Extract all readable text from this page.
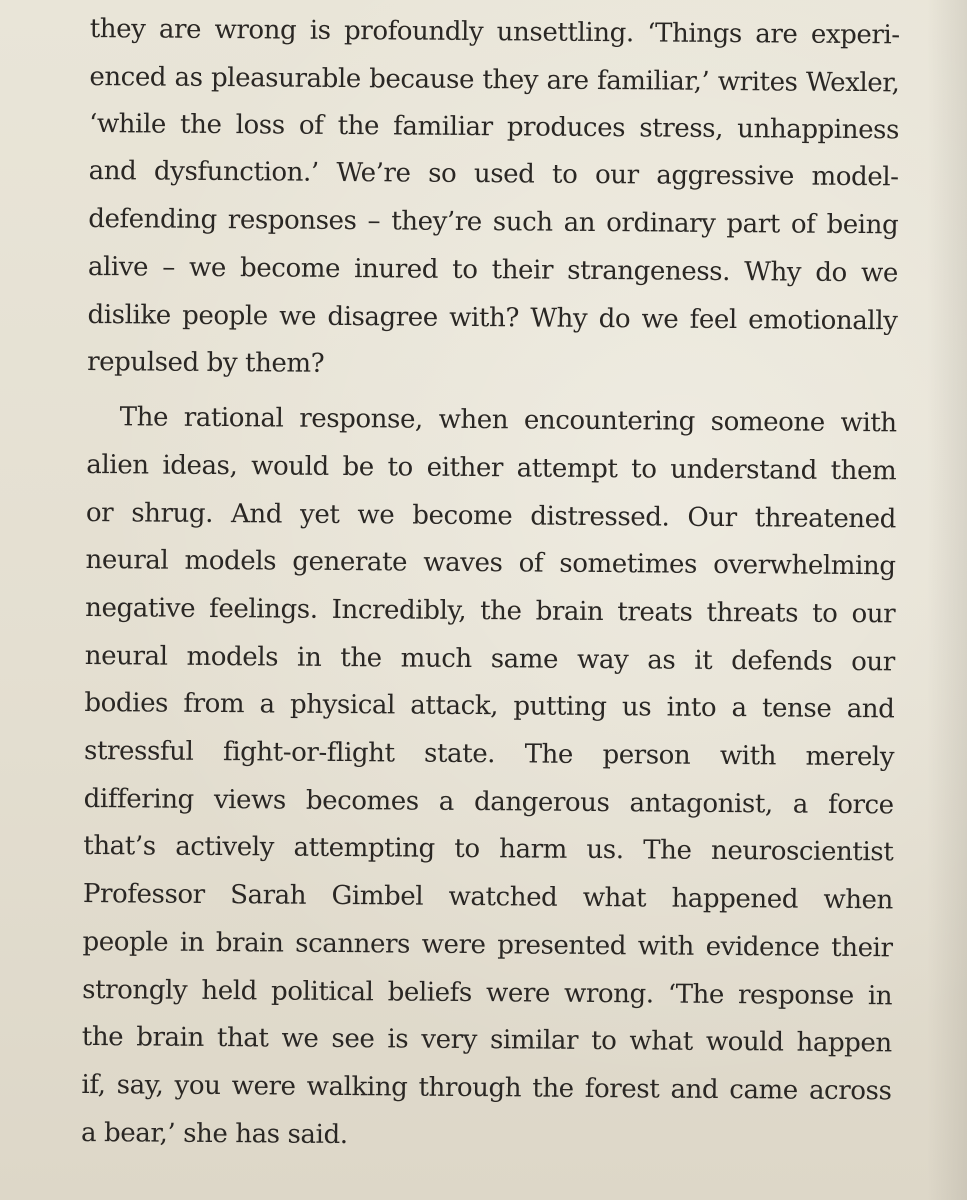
they are wrong is profoundly unsettling. ‘Things are experi-
enced as pleasurable because they are familiar,’ writes Wexler,
‘while the loss of the familiar produces stress, unhappiness
and dysfunction.’ We’re so used to our aggressive model-
defending responses – they’re such an ordinary part of being
alive – we become inured to their strangeness. Why do we
dislike people we disagree with? Why do we feel emotionally
repulsed by them?
The rational response, when encountering someone with
alien ideas, would be to either attempt to understand them
or shrug. And yet we become distressed. Our threatened
neural models generate waves of sometimes overwhelming
negative feelings. Incredibly, the brain treats threats to our
neural models in the much same way as it defends our
bodies from a physical attack, putting us into a tense and
stressful fight-or-flight state. The person with merely
differing views becomes a dangerous antagonist, a force
that’s actively attempting to harm us. The neuroscientist
Professor Sarah Gimbel watched what happened when
people in brain scanners were presented with evidence their
strongly held political beliefs were wrong. ‘The response in
the brain that we see is very similar to what would happen
if, say, you were walking through the forest and came across
a bear,’ she has said.
